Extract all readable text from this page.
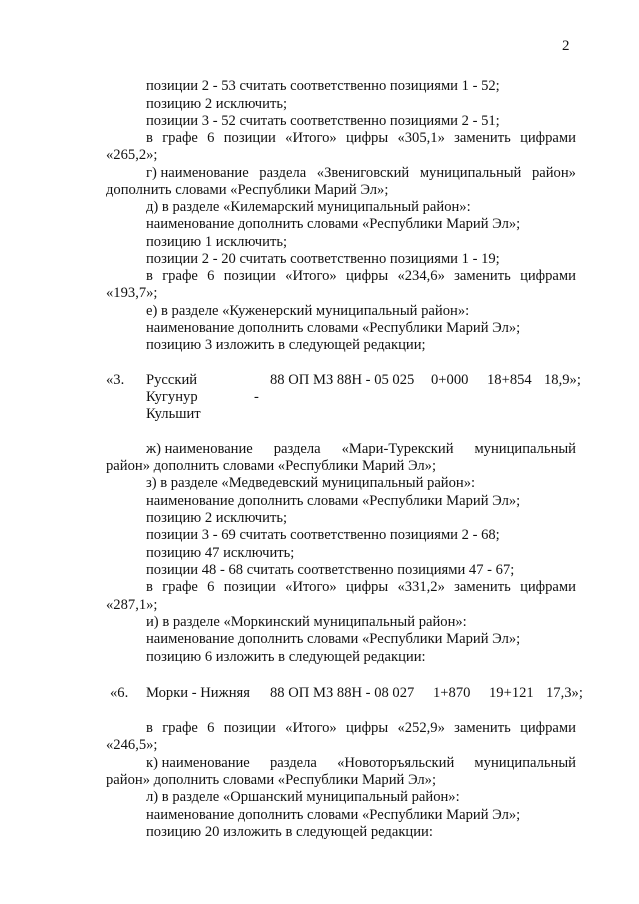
2
позиции 2 - 53 считать соответственно позициями 1 - 52;
позицию 2 исключить;
позиции 3 - 52 считать соответственно позициями 2 - 51;
в графе 6 позиции «Итого» цифры «305,1» заменить цифрами
«265,2»;
г) наименование раздела «Звениговский муниципальный район»
дополнить словами «Республики Марий Эл»;
д) в разделе «Килемарский муниципальный район»:
наименование дополнить словами «Республики Марий Эл»;
позицию 1 исключить;
позиции 2 - 20 считать соответственно позициями 1 - 19;
в графе 6 позиции «Итого» цифры «234,6» заменить цифрами
«193,7»;
е) в разделе «Куженерский муниципальный район»:
наименование дополнить словами «Республики Марий Эл»;
позицию 3 изложить в следующей редакции;
«3. Русский
Кугунур
Кульшит
-
88 ОП МЗ 88Н - 05 025 0+000 18+854 18,9»;
ж) наименование раздела «Мари-Турекский муниципальный
район» дополнить словами «Республики Марий Эл»;
з) в разделе «Медведевский муниципальный район»:
наименование дополнить словами «Республики Марий Эл»;
позицию 2 исключить;
позиции 3 - 69 считать соответственно позициями 2 - 68;
позицию 47 исключить;
позиции 48 - 68 считать соответственно позициями 47 - 67;
в графе 6 позиции «Итого» цифры «331,2» заменить цифрами
«287,1»;
и) в разделе «Моркинский муниципальный район»:
наименование дополнить словами «Республики Марий Эл»;
позицию 6 изложить в следующей редакции:
«6. Морки - Нижняя 88 ОП МЗ 88Н - 08 027 1+870 19+121 17,3»;
в графе 6 позиции «Итого» цифры «252,9» заменить цифрами
«246,5»;
к) наименование раздела «Новоторъяльский муниципальный
район» дополнить словами «Республики Марий Эл»;
л) в разделе «Оршанский муниципальный район»:
наименование дополнить словами «Республики Марий Эл»;
позицию 20 изложить в следующей редакции:
